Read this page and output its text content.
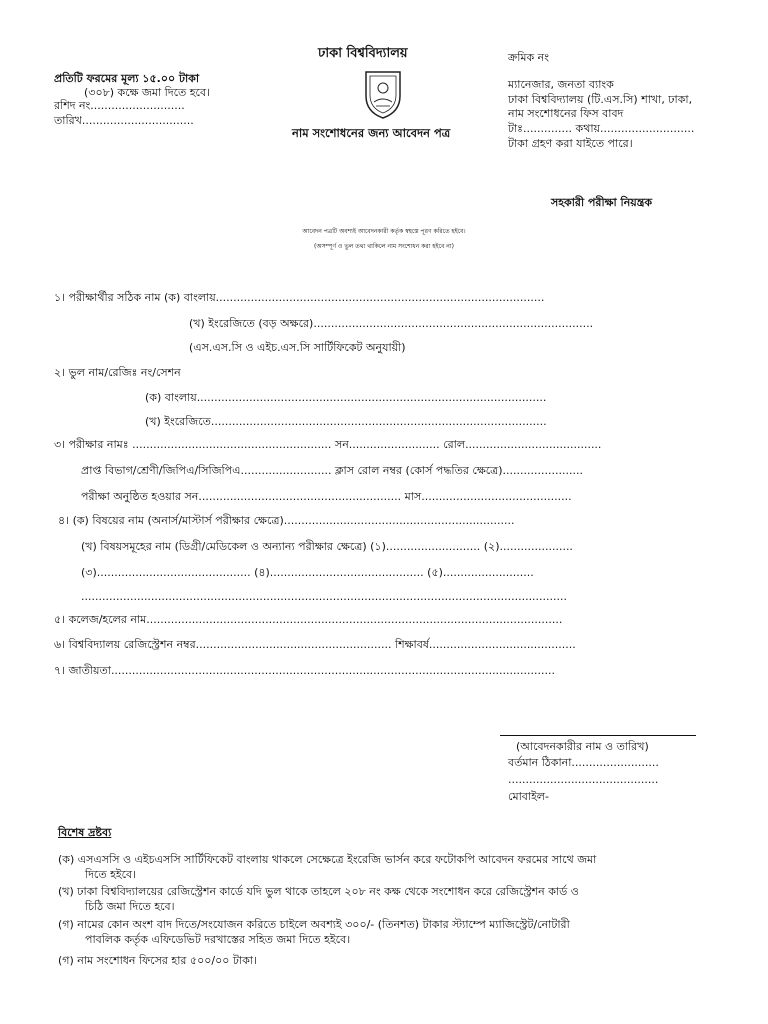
ঢাকা বিশ্ববিদ্যালয়	ক্রমিক নং
প্রতিটি ফরমের মূল্য ১৫.০০ টাকা
(৩০৮) কক্ষে জমা দিতে হবে।
রশিদ নং...........................
তারিখ................................
ম্যানেজার, জনতা ব্যাংক
ঢাকা বিশ্ববিদ্যালয় (টি.এস.সি) শাখা, ঢাকা,
নাম সংশোধনের ফিস বাবদ
টাঃ.............. কথায়...........................
টাকা গ্রহণ করা যাইতে পারে।
নাম সংশোধনের জন্য আবেদন পত্র
সহকারী পরীক্ষা নিয়ন্ত্রক
আবেদন পত্রটি অবশ্যই আবেদনকারী কর্তৃক স্বহস্তে পূরণ করিতে হইবে।
(অসম্পূর্ণ ও ভুল তথ্য থাকিলে নাম সংশোধন করা হইবে না)
১। পরীক্ষার্থীর সঠিক নাম (ক) বাংলায়..............................................................................................
(খ) ইংরেজিতে (বড় অক্ষরে)................................................................................
(এস.এস.সি ও এইচ.এস.সি সার্টিফিকেট অনুযায়ী)
২। ভুল নাম/রেজিঃ নং/সেশন
(ক) বাংলায়....................................................................................................
(খ) ইংরেজিতে................................................................................................
৩। পরীক্ষার নামঃ ......................................................... সন.......................... রোল.......................................
প্রাপ্ত বিভাগ/শ্রেণী/জিপিএ/সিজিপিএ.......................... ক্লাস রোল নম্বর (কোর্স পদ্ধতির ক্ষেত্রে).......................
পরীক্ষা অনুষ্ঠিত হওয়ার সন.......................................................... মাস...........................................
৪। (ক) বিষয়ের নাম (অনার্স/মাস্টার্স পরীক্ষার ক্ষেত্রে)..................................................................
(খ) বিষয়সমূহের নাম (ডিগ্রী/মেডিকেল ও অন্যান্য পরীক্ষার ক্ষেত্রে) (১)........................... (২).....................
(৩)............................................ (৪)............................................ (৫)..........................
...........................................................................................................................................
৫। কলেজ/হলের নাম.......................................................................................................................
৬। বিশ্ববিদ্যালয় রেজিস্ট্রেশন নম্বর........................................................ শিক্ষাবর্ষ..........................................
৭। জাতীয়তা...............................................................................................................................
(আবেদনকারীর নাম ও তারিখ)
বর্তমান ঠিকানা.........................
...........................................
মোবাইল-
বিশেষ দ্রষ্টব্য
(ক) এসএসসি ও এইচএসসি সার্টিফিকেট বাংলায় থাকলে সেক্ষেত্রে ইংরেজি ভার্সন করে ফটোকপি আবেদন ফরমের সাথে জমা
দিতে হইবে।
(খ) ঢাকা বিশ্ববিদ্যালয়ের রেজিস্ট্রেশন কার্ডে যদি ভুল থাকে তাহলে ২০৮ নং কক্ষ থেকে সংশোধন করে রেজিস্ট্রেশন কার্ড ও
চিঠি জমা দিতে হবে।
(গ) নামের কোন অংশ বাদ দিতে/সংযোজন করিতে চাইলে অবশ্যই ৩০০/- (তিনশত) টাকার স্ট্যাম্পে ম্যাজিস্ট্রেট/নোটারী
পাবলিক কর্তৃক এফিডেভিট দরখাস্তের সহিত জমা দিতে হইবে।
(গ) নাম সংশোধন ফিসের হার ৫০০/০০ টাকা।
